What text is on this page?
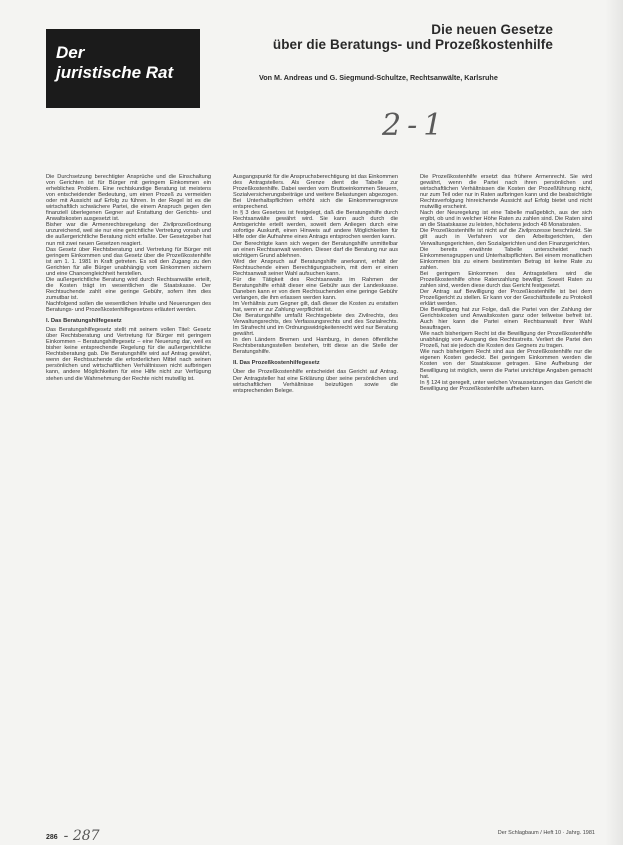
Der
juristische Rat
Die neuen Gesetze
über die Beratungs- und Prozeßkostenhilfe
Von M. Andreas und G. Siegmund-Schultze, Rechtsanwälte, Karlsruhe
2-1

Die Durchsetzung berechtigter Ansprüche und die Einschaltung von Gerichten ist für Bürger mit geringem Einkommen ein erhebliches Problem. Eine rechtskundige Beratung ist meistens von entscheidender Bedeutung, um einen Prozeß zu vermeiden oder mit Aussicht auf Erfolg zu führen. In der Regel ist es die wirtschaftlich schwächere Partei, die einem Anspruch gegen den finanziell überlegenen Gegner auf Erstattung der Gerichts- und Anwaltskosten ausgesetzt ist.

Bisher war die Armenrechtsregelung der Zivilprozeßordnung unzureichend, weil sie nur eine gerichtliche Vertretung vorsah und die außergerichtliche Beratung nicht erfaßte. Der Gesetzgeber hat nun mit zwei neuen Gesetzen reagiert.

Das Gesetz über Rechtsberatung und Vertretung für Bürger mit geringem Einkommen und das Gesetz über die Prozeßkostenhilfe ist am 1. 1. 1981 in Kraft getreten. Es soll den Zugang zu den Gerichten für alle Bürger unabhängig vom Einkommen sichern und eine Chancengleichheit herstellen.

Die außergerichtliche Beratung wird durch Rechtsanwälte erteilt, die Kosten trägt im wesentlichen die Staatskasse. Der Rechtsuchende zahlt eine geringe Gebühr, sofern ihm dies zumutbar ist.

Nachfolgend sollen die wesentlichen Inhalte und Neuerungen des Beratungs- und Prozeßkostenhilfegesetzes erläutert werden.

I. Das Beratungshilfegesetz

Das Beratungshilfegesetz stellt mit seinem vollen Titel: Gesetz über Rechtsberatung und Vertretung für Bürger mit geringem Einkommen – Beratungshilfegesetz – eine Neuerung dar, weil es bisher keine entsprechende Regelung für die außergerichtliche Rechtsberatung gab. Die Beratungshilfe wird auf Antrag gewährt, wenn der Rechtsuchende die erforderlichen Mittel nach seinen persönlichen und wirtschaftlichen Verhältnissen nicht aufbringen kann, andere Möglichkeiten für eine Hilfe nicht zur Verfügung stehen und die Wahrnehmung der Rechte nicht mutwillig ist.

Ausgangspunkt für die Anspruchsberechtigung ist das Einkommen des Antragstellers. Als Grenze dient die Tabelle zur Prozeßkostenhilfe. Dabei werden vom Bruttoeinkommen Steuern, Sozialversicherungsbeiträge und weitere Belastungen abgezogen. Bei Unterhaltspflichten erhöht sich die Einkommensgrenze entsprechend.

In § 3 des Gesetzes ist festgelegt, daß die Beratungshilfe durch Rechtsanwälte gewährt wird. Sie kann auch durch die Amtsgerichte erteilt werden, soweit dem Anliegen durch eine sofortige Auskunft, einen Hinweis auf andere Möglichkeiten für Hilfe oder die Aufnahme eines Antrags entsprochen werden kann.

Der Berechtigte kann sich wegen der Beratungshilfe unmittelbar an einen Rechtsanwalt wenden. Dieser darf die Beratung nur aus wichtigem Grund ablehnen.

Wird der Anspruch auf Beratungshilfe anerkannt, erhält der Rechtsuchende einen Berechtigungsschein, mit dem er einen Rechtsanwalt seiner Wahl aufsuchen kann.

Für die Tätigkeit des Rechtsanwalts im Rahmen der Beratungshilfe erhält dieser eine Gebühr aus der Landeskasse. Daneben kann er von dem Rechtsuchenden eine geringe Gebühr verlangen, die ihm erlassen werden kann.

Im Verhältnis zum Gegner gilt, daß dieser die Kosten zu erstatten hat, wenn er zur Zahlung verpflichtet ist.

Die Beratungshilfe umfaßt Rechtsgebiete des Zivilrechts, des Verwaltungsrechts, des Verfassungsrechts und des Sozialrechts. Im Strafrecht und im Ordnungswidrigkeitenrecht wird nur Beratung gewährt.

In den Ländern Bremen und Hamburg, in denen öffentliche Rechtsberatungsstellen bestehen, tritt diese an die Stelle der Beratungshilfe.

II. Das Prozeßkostenhilfegesetz

Über die Prozeßkostenhilfe entscheidet das Gericht auf Antrag. Der Antragsteller hat eine Erklärung über seine persönlichen und wirtschaftlichen Verhältnisse beizufügen sowie die entsprechenden Belege.

Die Prozeßkostenhilfe ersetzt das frühere Armenrecht. Sie wird gewährt, wenn die Partei nach ihren persönlichen und wirtschaftlichen Verhältnissen die Kosten der Prozeßführung nicht, nur zum Teil oder nur in Raten aufbringen kann und die beabsichtigte Rechtsverfolgung hinreichende Aussicht auf Erfolg bietet und nicht mutwillig erscheint.

Nach der Neuregelung ist eine Tabelle maßgeblich, aus der sich ergibt, ob und in welcher Höhe Raten zu zahlen sind. Die Raten sind an die Staatskasse zu leisten, höchstens jedoch 48 Monatsraten.

Die Prozeßkostenhilfe ist nicht auf die Zivilprozesse beschränkt. Sie gilt auch in Verfahren vor den Arbeitsgerichten, den Verwaltungsgerichten, den Sozialgerichten und den Finanzgerichten.

Die bereits erwähnte Tabelle unterscheidet nach Einkommensgruppen und Unterhaltspflichten. Bei einem monatlichen Einkommen bis zu einem bestimmten Betrag ist keine Rate zu zahlen.

Bei geringem Einkommen des Antragstellers wird die Prozeßkostenhilfe ohne Ratenzahlung bewilligt. Soweit Raten zu zahlen sind, werden diese durch das Gericht festgesetzt.

Der Antrag auf Bewilligung der Prozeßkostenhilfe ist bei dem Prozeßgericht zu stellen. Er kann vor der Geschäftsstelle zu Protokoll erklärt werden.

Die Bewilligung hat zur Folge, daß die Partei von der Zahlung der Gerichtskosten und Anwaltskosten ganz oder teilweise befreit ist. Auch hier kann die Partei einen Rechtsanwalt ihrer Wahl beauftragen.

Wie nach bisherigem Recht ist die Bewilligung der Prozeßkostenhilfe unabhängig vom Ausgang des Rechtsstreits. Verliert die Partei den Prozeß, hat sie jedoch die Kosten des Gegners zu tragen.

Wie nach bisherigem Recht sind aus der Prozeßkostenhilfe nur die eigenen Kosten gedeckt. Bei geringem Einkommen werden die Kosten von der Staatskasse getragen. Eine Aufhebung der Bewilligung ist möglich, wenn die Partei unrichtige Angaben gemacht hat.

In § 124 ist geregelt, unter welchen Voraussetzungen das Gericht die Bewilligung der Prozeßkostenhilfe aufheben kann.

286 - 287	Der Schlagbaum / Heft 10 · Jahrg. 1981
